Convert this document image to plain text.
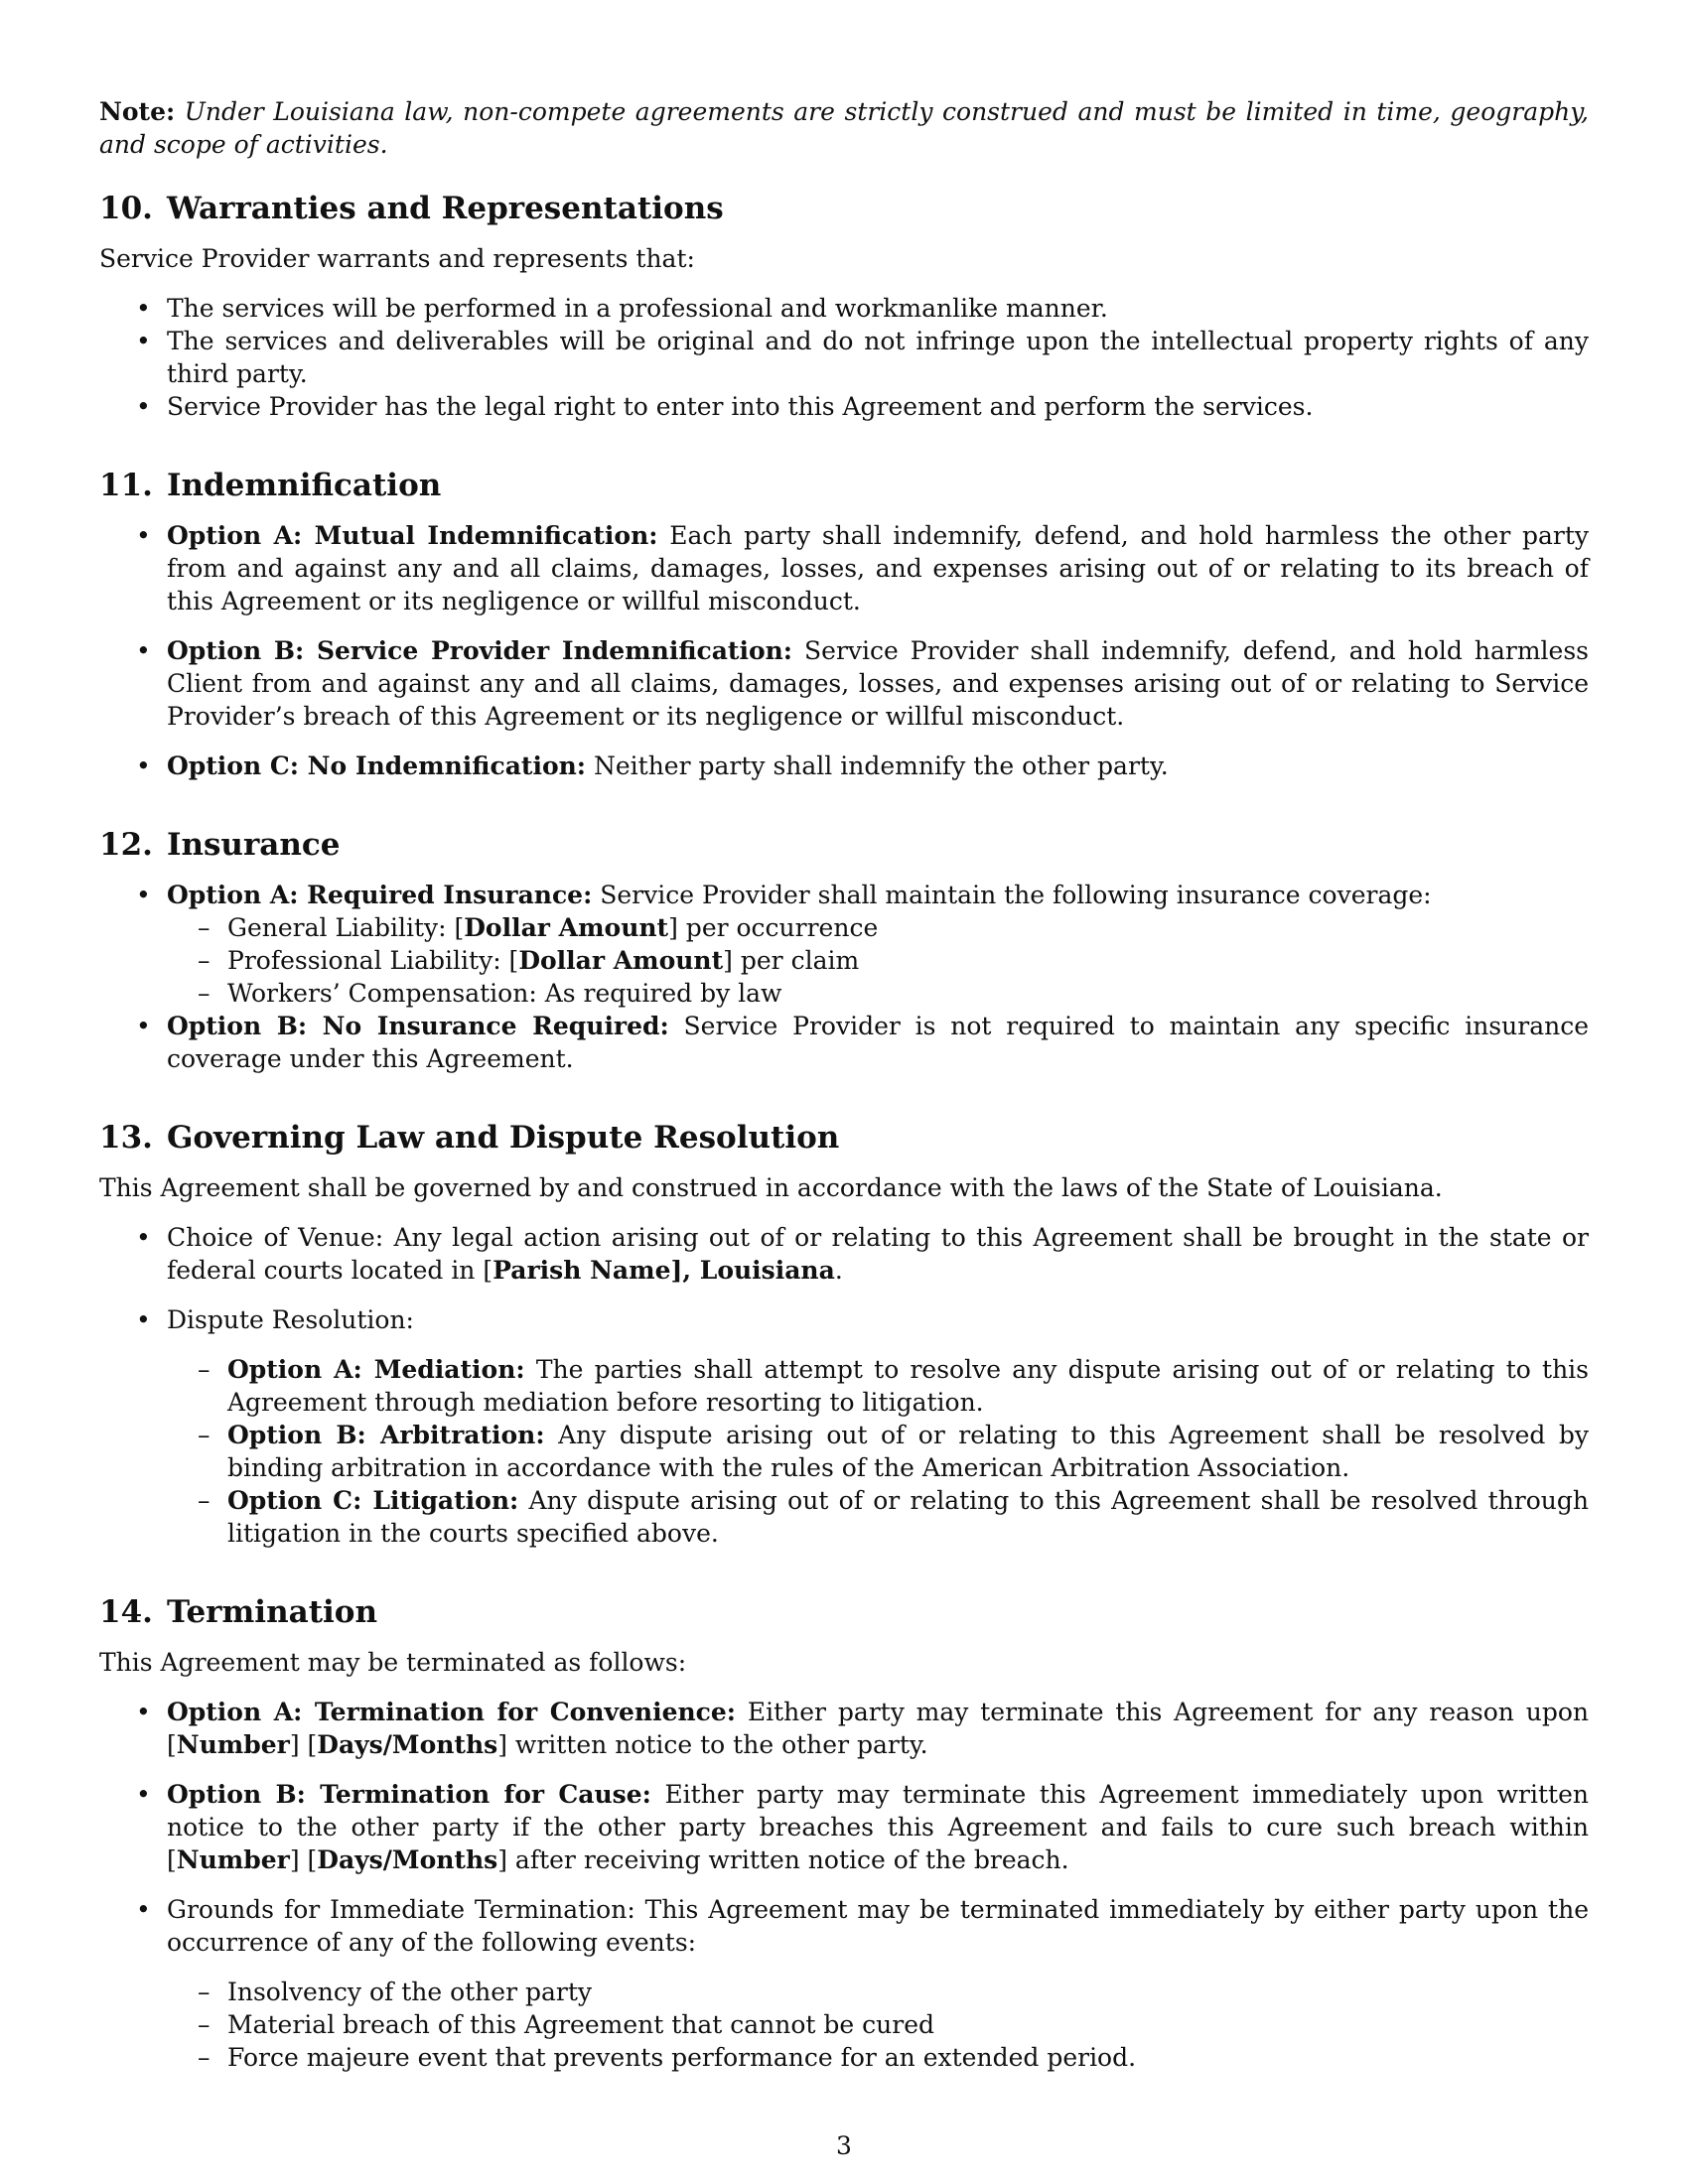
Note: Under Louisiana law, non-compete agreements are strictly construed and must be limited in time, geography, and scope of activities.

10. Warranties and Representations

Service Provider warrants and represents that:

• The services will be performed in a professional and workmanlike manner.
• The services and deliverables will be original and do not infringe upon the intellectual property rights of any third party.
• Service Provider has the legal right to enter into this Agreement and perform the services.
11. Indemnification
• Option A: Mutual Indemnification: Each party shall indemnify, defend, and hold harmless the other party from and against any and all claims, damages, losses, and expenses arising out of or relating to its breach of this Agreement or its negligence or willful misconduct.
• Option B: Service Provider Indemnification: Service Provider shall indemnify, defend, and hold harmless Client from and against any and all claims, damages, losses, and expenses arising out of or relating to Service Provider’s breach of this Agreement or its negligence or willful misconduct.
• Option C: No Indemnification: Neither party shall indemnify the other party.
12. Insurance
• Option A: Required Insurance: Service Provider shall maintain the following insurance coverage:
– General Liability: [Dollar Amount] per occurrence
– Professional Liability: [Dollar Amount] per claim
– Workers’ Compensation: As required by law
• Option B: No Insurance Required: Service Provider is not required to maintain any specific insurance coverage under this Agreement.
13. Governing Law and Dispute Resolution

This Agreement shall be governed by and construed in accordance with the laws of the State of Louisiana.

• Choice of Venue: Any legal action arising out of or relating to this Agreement shall be brought in the state or federal courts located in [Parish Name], Louisiana.
• Dispute Resolution:
– Option A: Mediation: The parties shall attempt to resolve any dispute arising out of or relating to this Agreement through mediation before resorting to litigation.
– Option B: Arbitration: Any dispute arising out of or relating to this Agreement shall be resolved by binding arbitration in accordance with the rules of the American Arbitration Association.
– Option C: Litigation: Any dispute arising out of or relating to this Agreement shall be resolved through litigation in the courts specified above.
14. Termination

This Agreement may be terminated as follows:

• Option A: Termination for Convenience: Either party may terminate this Agreement for any reason upon [Number] [Days/Months] written notice to the other party.
• Option B: Termination for Cause: Either party may terminate this Agreement immediately upon written notice to the other party if the other party breaches this Agreement and fails to cure such breach within [Number] [Days/Months] after receiving written notice of the breach.
• Grounds for Immediate Termination: This Agreement may be terminated immediately by either party upon the occurrence of any of the following events:
– Insolvency of the other party
– Material breach of this Agreement that cannot be cured
– Force majeure event that prevents performance for an extended period.
3
